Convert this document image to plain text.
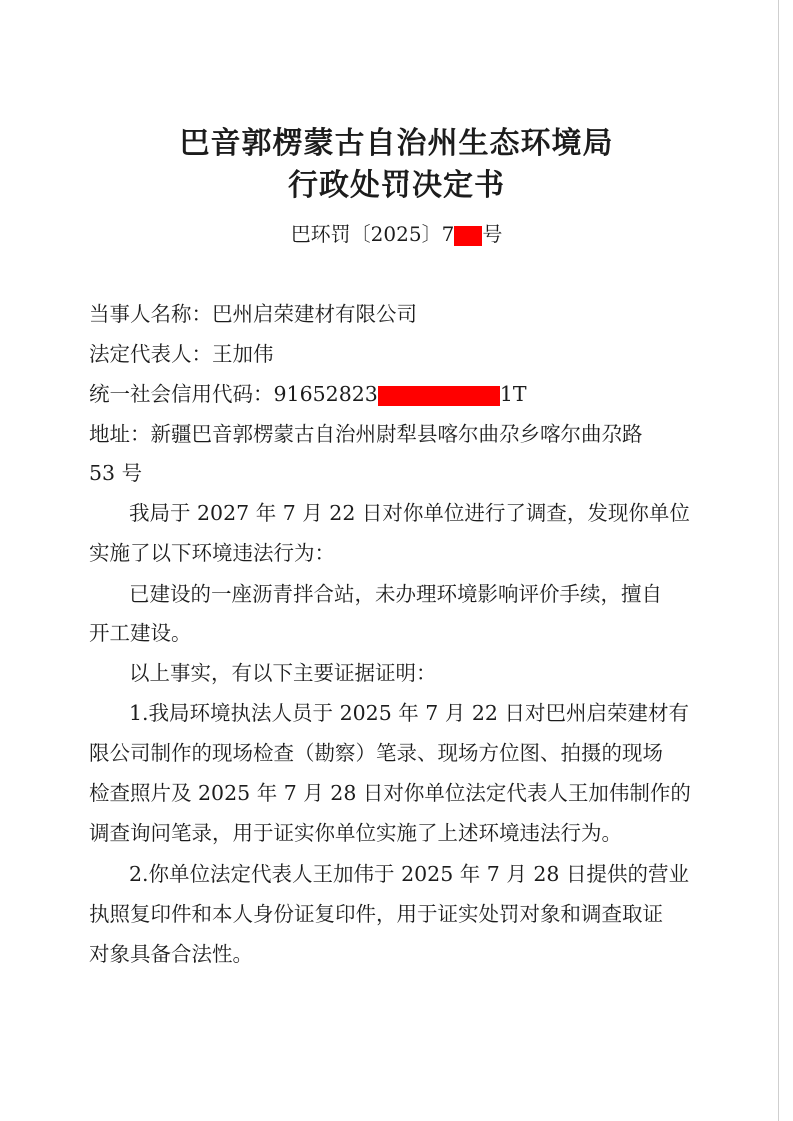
巴音郭楞蒙古自治州生态环境局
行政处罚决定书
巴环罚〔2025〕7 号
当事人名称：巴州启荣建材有限公司
法定代表人：王加伟
统一社会信用代码：91652823	1T
地址：新疆巴音郭楞蒙古自治州尉犁县喀尔曲尕乡喀尔曲尕路
53 号
我局于 2027 年 7 月 22 日对你单位进行了调查，发现你单位
实施了以下环境违法行为：
已建设的一座沥青拌合站，未办理环境影响评价手续，擅自
开工建设。
以上事实，有以下主要证据证明：
1.我局环境执法人员于 2025 年 7 月 22 日对巴州启荣建材有
限公司制作的现场检查（勘察）笔录、现场方位图、拍摄的现场
检查照片及 2025 年 7 月 28 日对你单位法定代表人王加伟制作的
调查询问笔录，用于证实你单位实施了上述环境违法行为。
2.你单位法定代表人王加伟于 2025 年 7 月 28 日提供的营业
执照复印件和本人身份证复印件，用于证实处罚对象和调查取证
对象具备合法性。
